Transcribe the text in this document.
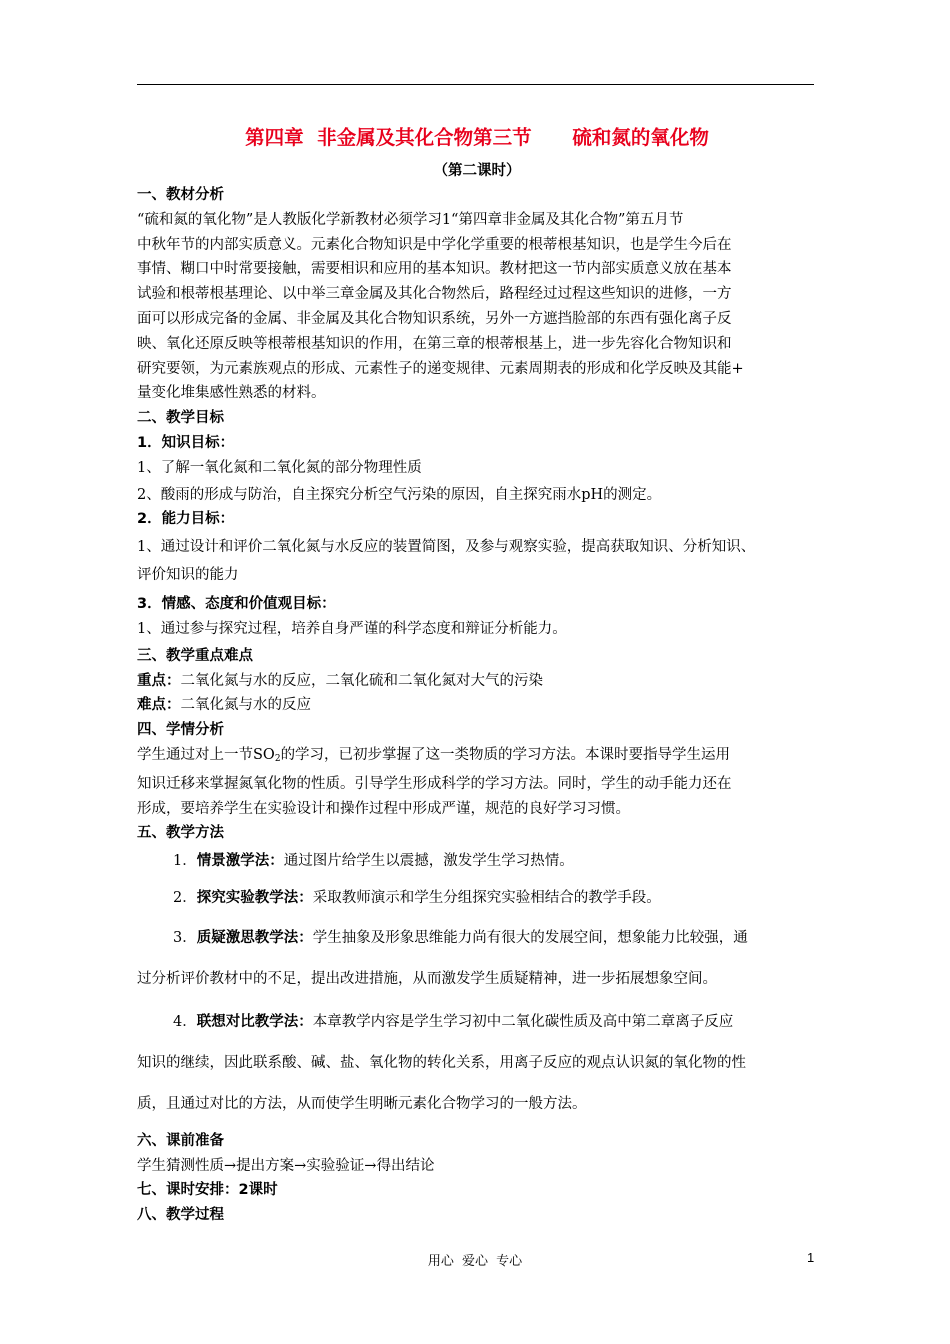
第四章  非金属及其化合物第三节      硫和氮的氧化物
（第二课时）
一、教材分析
“硫和氮的氧化物”是人教版化学新教材必须学习1“第四章非金属及其化合物”第五月节
中秋年节的内部实质意义。元素化合物知识是中学化学重要的根蒂根基知识，也是学生今后在
事情、糊口中时常要接触，需要相识和应用的基本知识。教材把这一节内部实质意义放在基本
试验和根蒂根基理论、以中举三章金属及其化合物然后，路程经过过程这些知识的进修，一方
面可以形成完备的金属、非金属及其化合物知识系统，另外一方遮挡脸部的东西有强化离子反
映、氧化还原反映等根蒂根基知识的作用，在第三章的根蒂根基上，进一步先容化合物知识和
研究要领，为元素族观点的形成、元素性子的递变规律、元素周期表的形成和化学反映及其能+
量变化堆集感性熟悉的材料。
二、教学目标
1．知识目标：
1、了解一氧化氮和二氧化氮的部分物理性质
2、酸雨的形成与防治，自主探究分析空气污染的原因，自主探究雨水pH的测定。
2．能力目标：
1、通过设计和评价二氧化氮与水反应的装置简图，及参与观察实验，提高获取知识、分析知识、
评价知识的能力
3．情感、态度和价值观目标：
1、通过参与探究过程，培养自身严谨的科学态度和辩证分析能力。
三、教学重点难点
重点：二氧化氮与水的反应，二氧化硫和二氧化氮对大气的污染
难点：二氧化氮与水的反应
四、学情分析
学生通过对上一节$SO_2$的学习，已初步掌握了这一类物质的学习方法。本课时要指导学生运用
知识迁移来掌握氮氧化物的性质。引导学生形成科学的学习方法。同时，学生的动手能力还在
形成，要培养学生在实验设计和操作过程中形成严谨，规范的良好学习习惯。
五、教学方法
1．情景激学法：通过图片给学生以震撼，激发学生学习热情。
2．探究实验教学法：采取教师演示和学生分组探究实验相结合的教学手段。
3．质疑激思教学法：学生抽象及形象思维能力尚有很大的发展空间，想象能力比较强，通
过分析评价教材中的不足，提出改进措施，从而激发学生质疑精神，进一步拓展想象空间。
4．联想对比教学法：本章教学内容是学生学习初中二氧化碳性质及高中第二章离子反应
知识的继续，因此联系酸、碱、盐、氧化物的转化关系，用离子反应的观点认识氮的氧化物的性
质，且通过对比的方法，从而使学生明晰元素化合物学习的一般方法。
六、课前准备
学生猜测性质→提出方案→实验验证→得出结论
七、课时安排：2课时
八、教学过程
用心 爱心 专心	1
